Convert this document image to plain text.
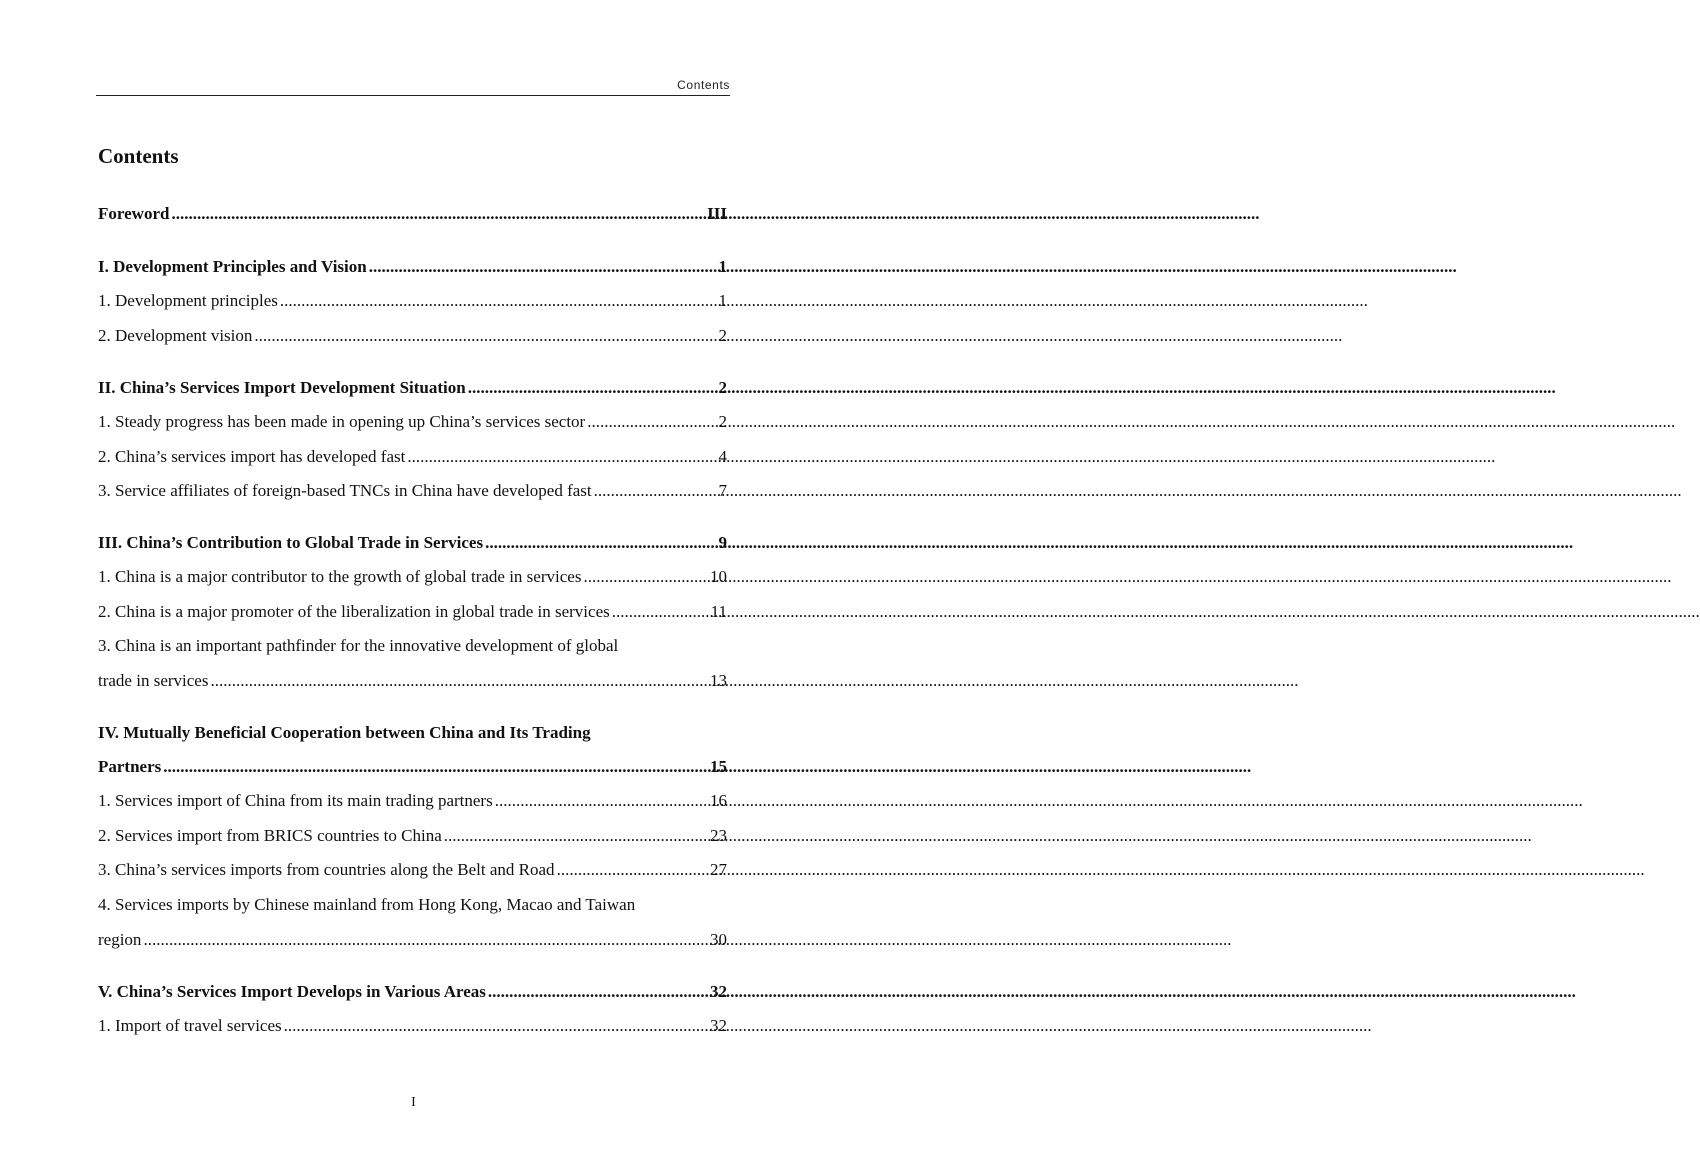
Contents
Contents
Foreword .....	III
I. Development Principles and Vision .....	1
1. Development principles .....	1
2. Development vision .....	2
II. China’s Services Import Development Situation .....	2
1. Steady progress has been made in opening up China’s services sector .....	2
2. China’s services import has developed fast .....	4
3. Service affiliates of foreign-based TNCs in China have developed fast .....	7
III. China’s Contribution to Global Trade in Services .....	9
1. China is a major contributor to the growth of global trade in services .....	10
2. China is a major promoter of the liberalization in global trade in services .....	11
3. China is an important pathfinder for the innovative development of global
trade in services .....	13
IV. Mutually Beneficial Cooperation between China and Its Trading
Partners .....	15
1. Services import of China from its main trading partners .....	16
2. Services import from BRICS countries to China .....	23
3. China’s services imports from countries along the Belt and Road .....	27
4. Services imports by Chinese mainland from Hong Kong, Macao and Taiwan
region .....	30
V. China’s Services Import Develops in Various Areas .....	32
1. Import of travel services .....	32
I
